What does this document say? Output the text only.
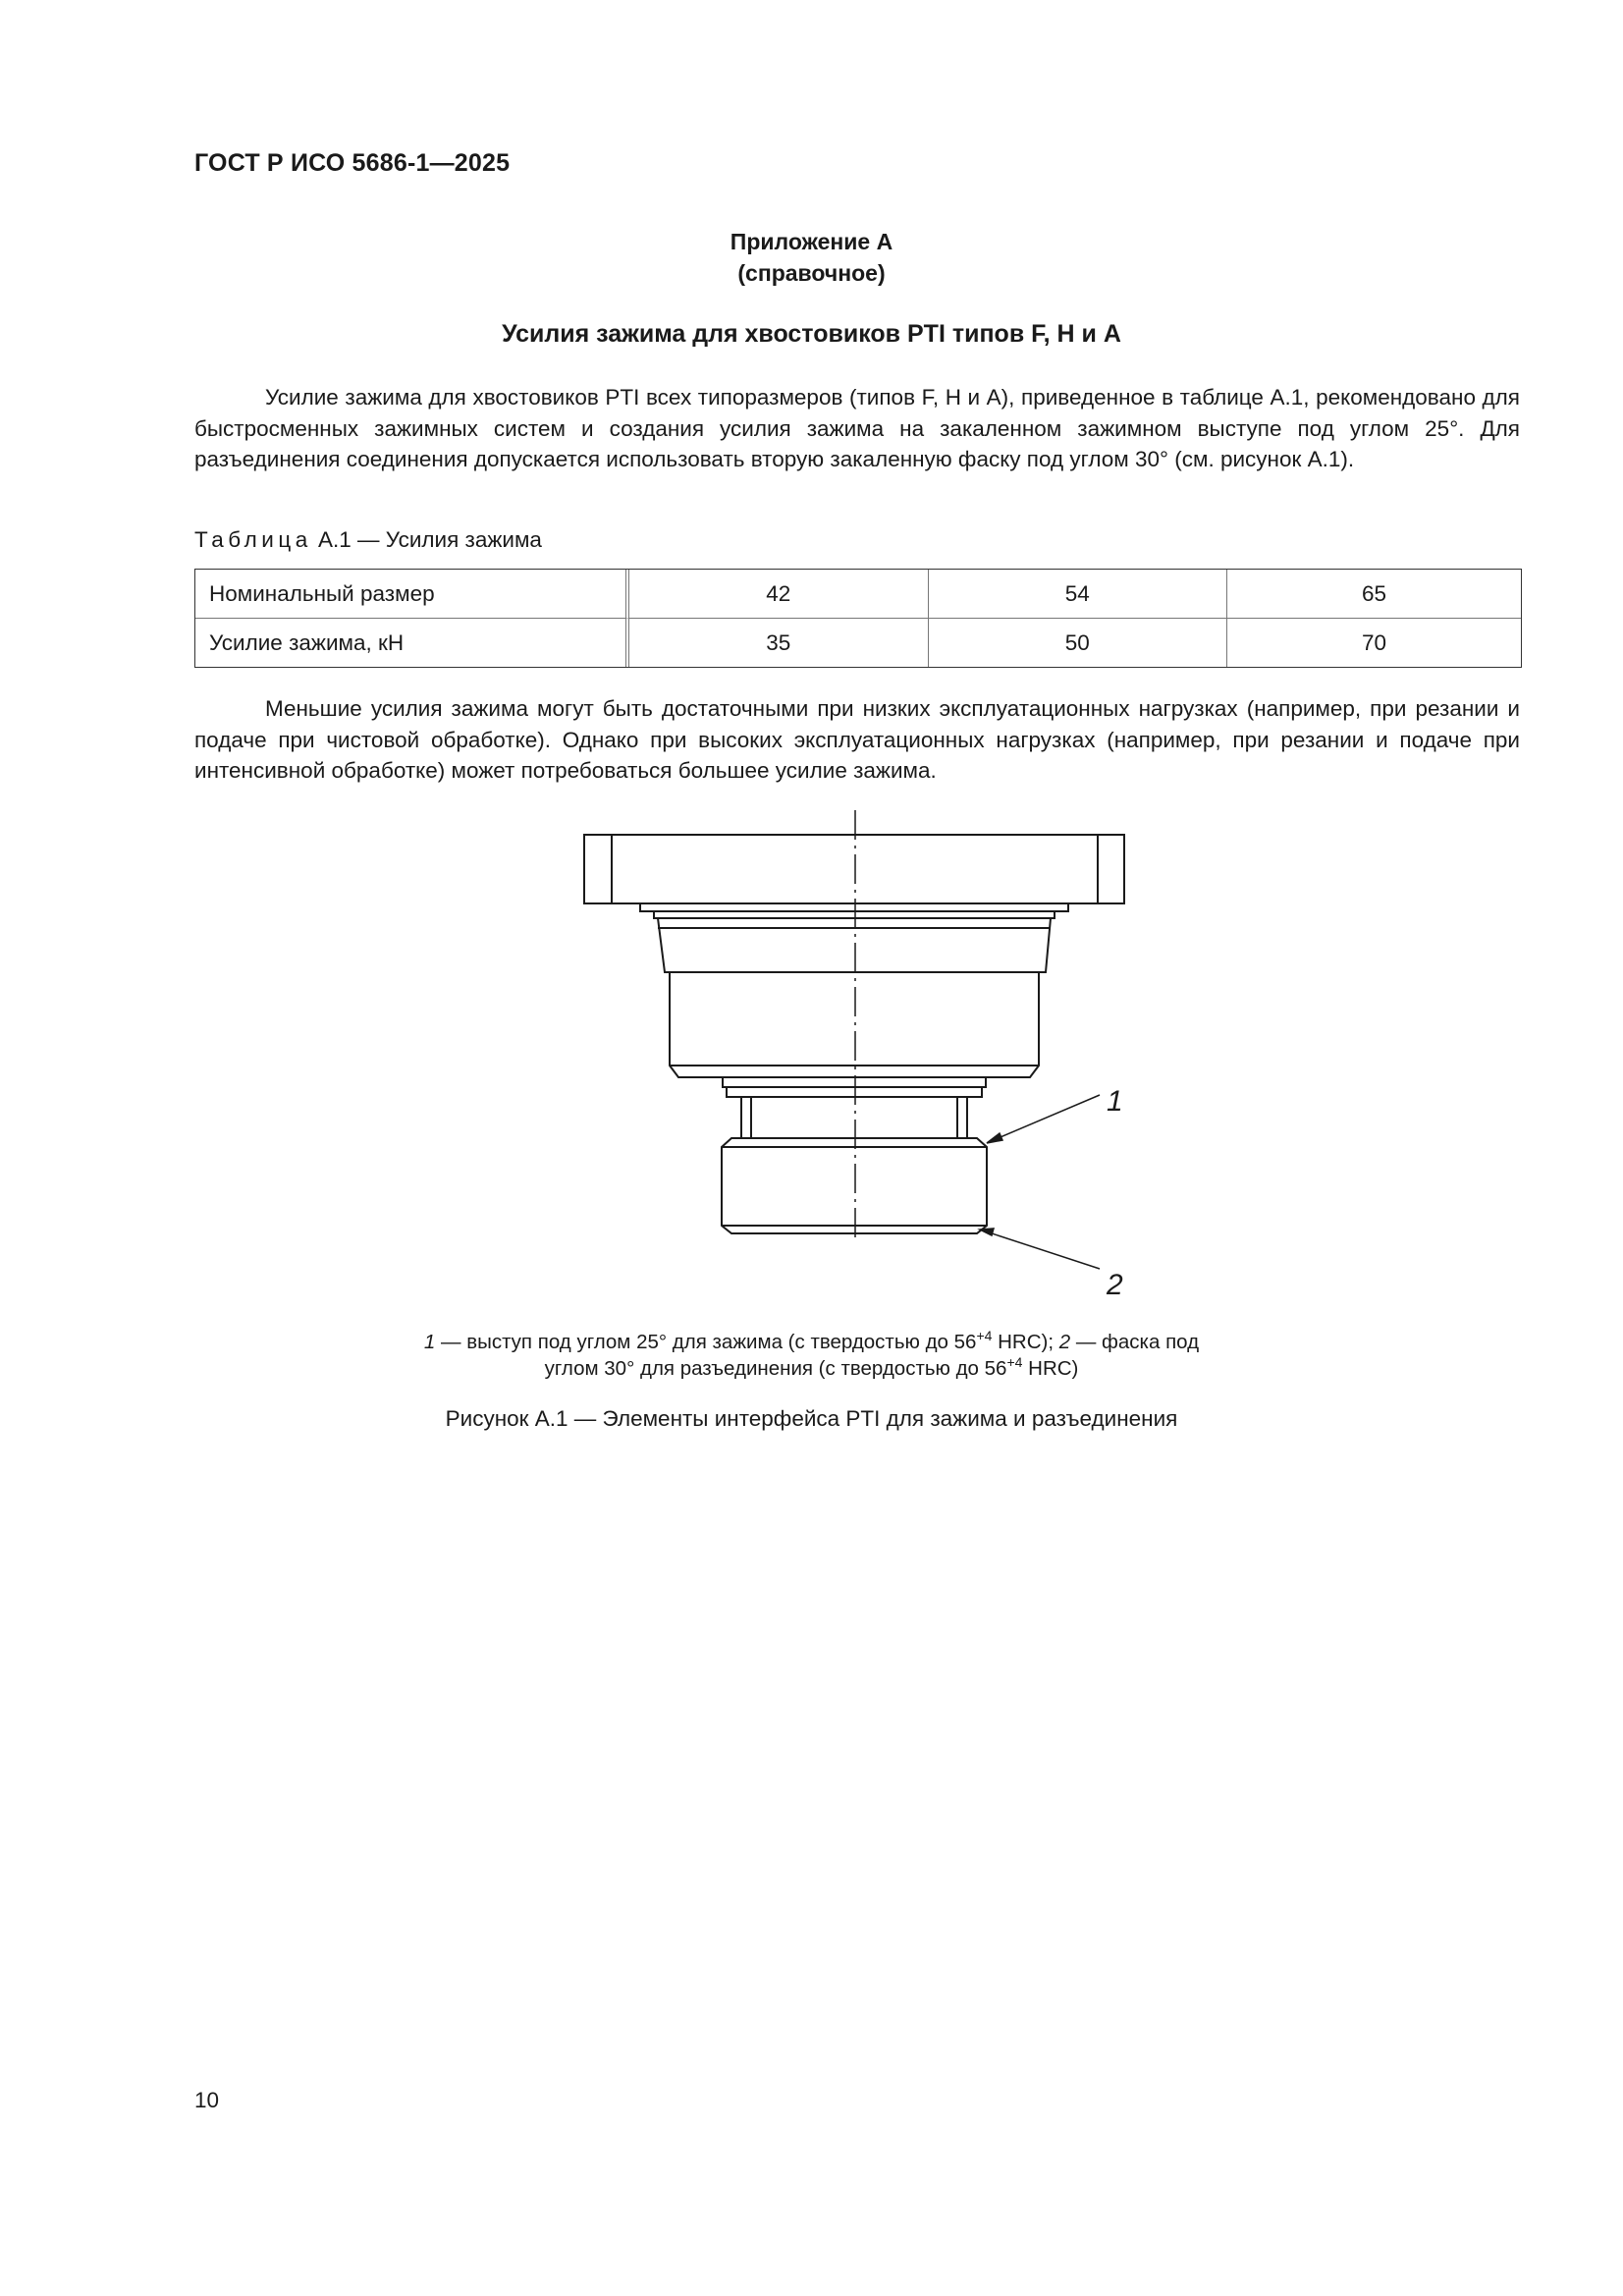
ГОСТ Р ИСО 5686-1—2025
Приложение А
(справочное)
Усилия зажима для хвостовиков PTI типов F, H и A

Усилие зажима для хвостовиков PTI всех типоразмеров (типов F, H и A), приведенное в таблице А.1, рекомендовано для быстросменных зажимных систем и создания усилия зажима на закаленном зажимном выступе под углом 25°. Для разъединения соединения допускается использовать вторую закаленную фаску под углом 30° (см. рисунок А.1).

Таблица А.1 — Усилия зажима
Номинальный размер	42	54	65
Усилие зажима, кН	35	50	70

Меньшие усилия зажима могут быть достаточными при низких эксплуатационных нагрузках (например, при резании и подаче при чистовой обработке). Однако при высоких эксплуатационных нагрузках (например, при резании и подаче при интенсивной обработке) может потребоваться большее усилие зажима.

1
2
1 — выступ под углом 25° для зажима (с твердостью до $56^{+4}$ HRC); 2 — фаска под углом 30° для разъединения (с твердостью до $56^{+4}$ HRC)
Рисунок А.1 — Элементы интерфейса PTI для зажима и разъединения
10
